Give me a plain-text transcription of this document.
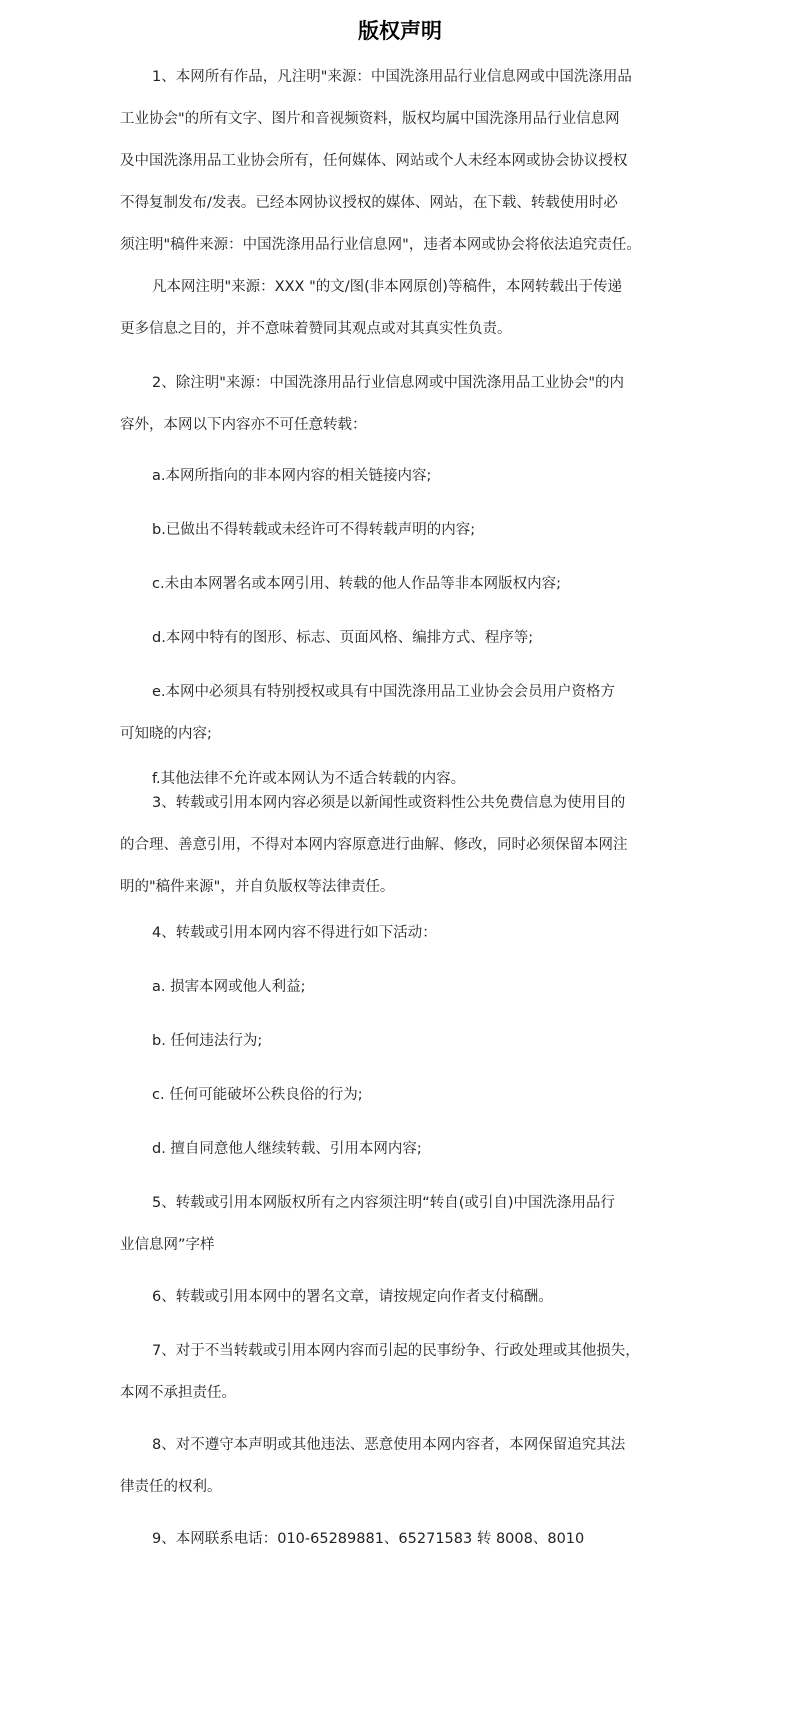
版权声明
1、本网所有作品，凡注明"来源：中国洗涤用品行业信息网或中国洗涤用品
工业协会"的所有文字、图片和音视频资料，版权均属中国洗涤用品行业信息网
及中国洗涤用品工业协会所有，任何媒体、网站或个人未经本网或协会协议授权
不得复制发布/发表。已经本网协议授权的媒体、网站，在下载、转载使用时必
须注明"稿件来源：中国洗涤用品行业信息网"，违者本网或协会将依法追究责任。
凡本网注明"来源：XXX "的文/图(非本网原创)等稿件，本网转载出于传递
更多信息之目的，并不意味着赞同其观点或对其真实性负责。
2、除注明"来源：中国洗涤用品行业信息网或中国洗涤用品工业协会"的内
容外，本网以下内容亦不可任意转载：
a.本网所指向的非本网内容的相关链接内容;
b.已做出不得转载或未经许可不得转载声明的内容;
c.未由本网署名或本网引用、转载的他人作品等非本网版权内容;
d.本网中特有的图形、标志、页面风格、编排方式、程序等;
e.本网中必须具有特别授权或具有中国洗涤用品工业协会会员用户资格方
可知晓的内容;
f.其他法律不允许或本网认为不适合转载的内容。
3、转载或引用本网内容必须是以新闻性或资料性公共免费信息为使用目的
的合理、善意引用，不得对本网内容原意进行曲解、修改，同时必须保留本网注
明的"稿件来源"，并自负版权等法律责任。
4、转载或引用本网内容不得进行如下活动：
a. 损害本网或他人利益;
b. 任何违法行为;
c. 任何可能破坏公秩良俗的行为;
d. 擅自同意他人继续转载、引用本网内容;
5、转载或引用本网版权所有之内容须注明“转自(或引自)中国洗涤用品行
业信息网”字样
6、转载或引用本网中的署名文章，请按规定向作者支付稿酬。
7、对于不当转载或引用本网内容而引起的民事纷争、行政处理或其他损失，
本网不承担责任。
8、对不遵守本声明或其他违法、恶意使用本网内容者，本网保留追究其法
律责任的权利。
9、本网联系电话：010-65289881、65271583 转 8008、8010
